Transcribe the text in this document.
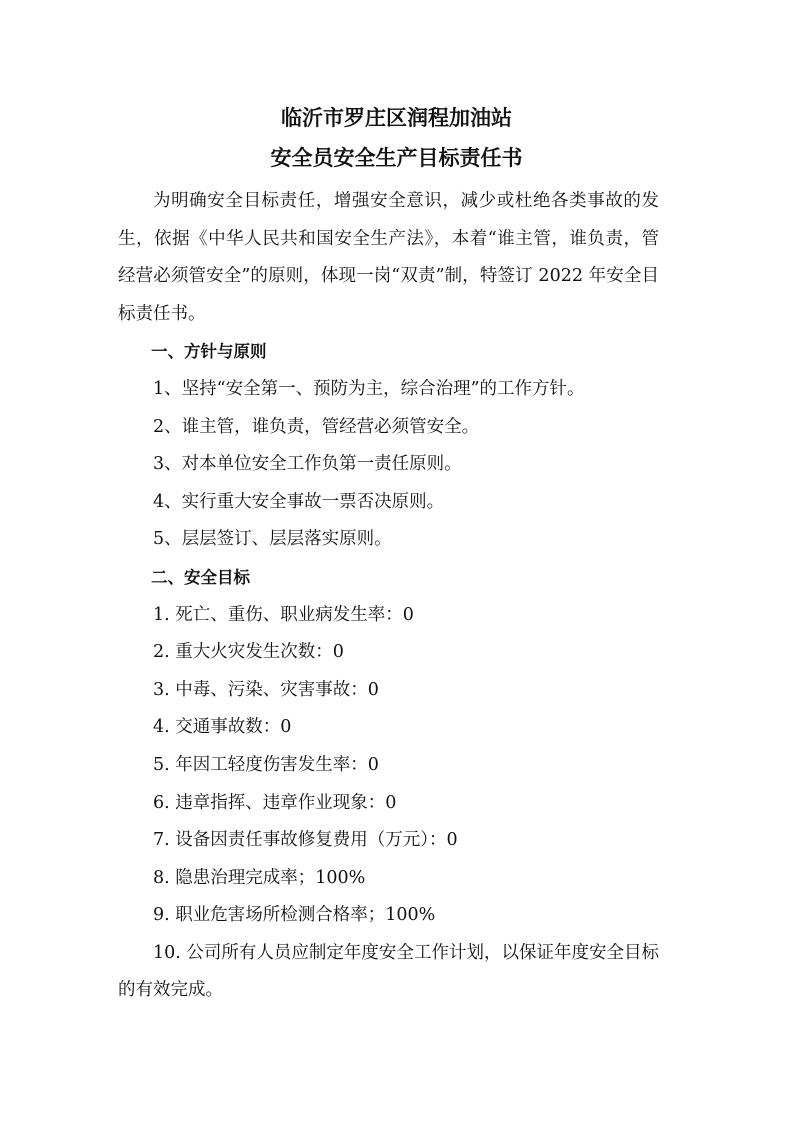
临沂市罗庄区润程加油站

安全员安全生产目标责任书

为明确安全目标责任，增强安全意识，减少或杜绝各类事故的发生，依据《中华人民共和国安全生产法》，本着“谁主管，谁负责，管经营必须管安全”的原则，体现一岗“双责”制，特签订 2022 年安全目标责任书。

一、方针与原则

1、坚持“安全第一、预防为主，综合治理”的工作方针。

2、谁主管，谁负责，管经营必须管安全。

3、对本单位安全工作负第一责任原则。

4、实行重大安全事故一票否决原则。

5、层层签订、层层落实原则。

二、安全目标

1. 死亡、重伤、职业病发生率：0

2. 重大火灾发生次数：0

3. 中毒、污染、灾害事故：0

4. 交通事故数：0

5. 年因工轻度伤害发生率：0

6. 违章指挥、违章作业现象：0

7. 设备因责任事故修复费用（万元）：0

8. 隐患治理完成率；100%

9. 职业危害场所检测合格率；100%

10. 公司所有人员应制定年度安全工作计划，以保证年度安全目标的有效完成。
